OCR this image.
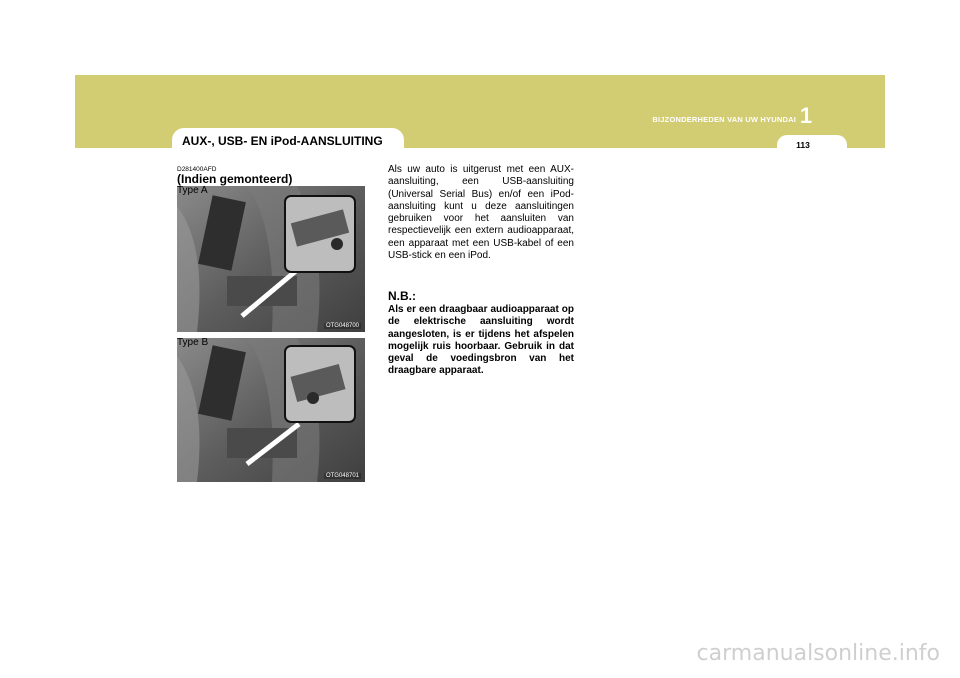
BIJZONDERHEDEN VAN UW HYUNDAI 1
113
AUX-, USB- EN iPod-AANSLUITING
D281400AFD
(Indien gemonteerd)
Type A
OTG048700
Type B
OTG048701
Als uw auto is uitgerust met een AUX-aansluiting, een USB-aansluiting (Universal Serial Bus) en/of een iPod-aansluiting kunt u deze aansluitingen gebruiken voor het aansluiten van respectievelijk een extern audioapparaat, een apparaat met een USB-kabel of een USB-stick en een iPod.
N.B.:
Als er een draagbaar audioapparaat op de elektrische aansluiting wordt aangesloten, is er tijdens het afspelen mogelijk ruis hoorbaar. Gebruik in dat geval de voedingsbron van het draagbare apparaat.
carmanualsonline.info
